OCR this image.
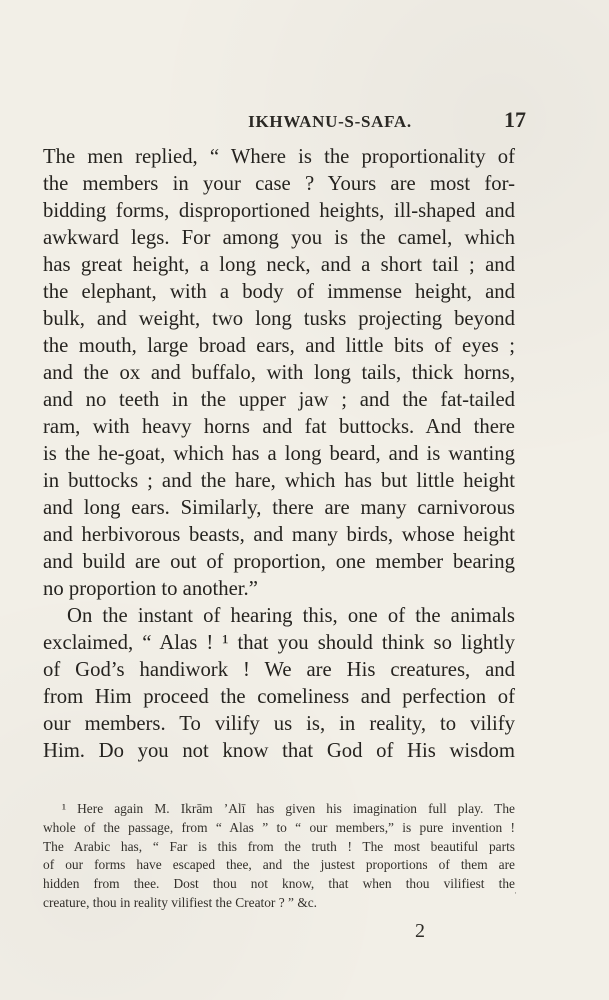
IKHWANU-S-SAFA.	17
The men replied, “ Where is the proportionality of
the members in your case ? Yours are most for-
bidding forms, disproportioned heights, ill-shaped and
awkward legs. For among you is the camel, which
has great height, a long neck, and a short tail ; and
the elephant, with a body of immense height, and
bulk, and weight, two long tusks projecting beyond
the mouth, large broad ears, and little bits of eyes ;
and the ox and buffalo, with long tails, thick horns,
and no teeth in the upper jaw ; and the fat-tailed
ram, with heavy horns and fat buttocks. And there
is the he-goat, which has a long beard, and is wanting
in buttocks ; and the hare, which has but little height
and long ears. Similarly, there are many carnivorous
and herbivorous beasts, and many birds, whose height
and build are out of proportion, one member bearing
no proportion to another.”
On the instant of hearing this, one of the animals
exclaimed, “ Alas ! ¹ that you should think so lightly
of God’s handiwork ! We are His creatures, and
from Him proceed the comeliness and perfection of
our members. To vilify us is, in reality, to vilify
Him. Do you not know that God of His wisdom
¹ Here again M. Ikrām ’Alī has given his imagination full play. The
whole of the passage, from “ Alas ” to “ our members,” is pure invention !
The Arabic has, “ Far is this from the truth ! The most beautiful parts
of our forms have escaped thee, and the justest proportions of them are
hidden from thee. Dost thou not know, that when thou vilifiest the
creature, thou in reality vilifiest the Creator ? ” &c.
2
·
